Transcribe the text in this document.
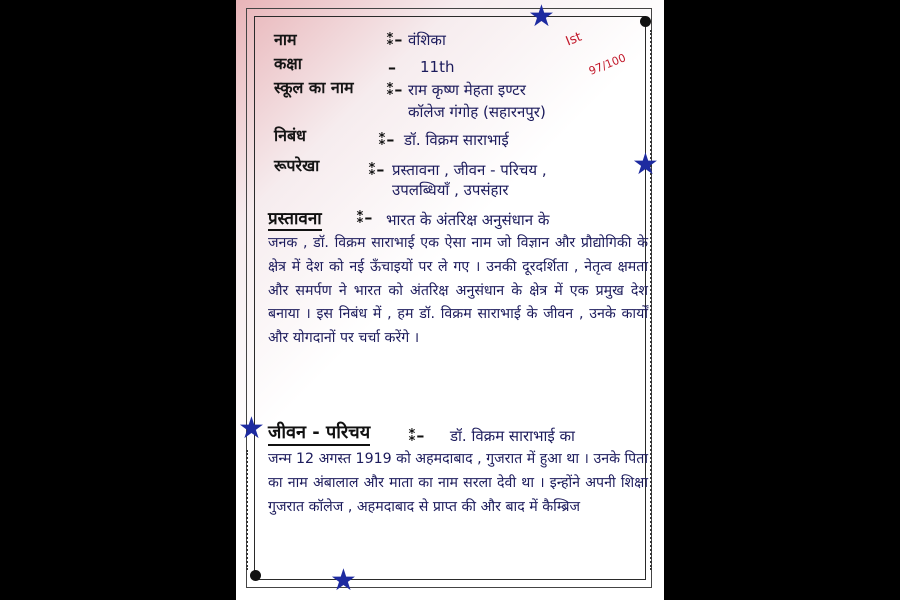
★
★
★
★
Ist
97/100
नाम	⁑– वंशिका
कक्षा	– 11th
स्कूल का नाम ⁑– राम कृष्ण मेहता इण्टर
कॉलेज गंगोह (सहारनपुर)
निबंध	⁑– डॉ. विक्रम साराभाई
रूपरेखा	⁑– प्रस्तावना , जीवन - परिचय ,
उपलब्धियाँ , उपसंहार
प्रस्तावना ⁑– भारत के अंतरिक्ष अनुसंधान के
जनक , डॉ. विक्रम साराभाई एक ऐसा नाम जो विज्ञान और प्रौद्योगिकी के क्षेत्र में देश को नई ऊँचाइयों पर ले गए । उनकी दूरदर्शिता , नेतृत्व क्षमता और समर्पण ने भारत को अंतरिक्ष अनुसंधान के क्षेत्र में एक प्रमुख देश बनाया । इस निबंध में , हम डॉ. विक्रम साराभाई के जीवन , उनके कार्यों और योगदानों पर चर्चा करेंगे ।
जीवन - परिचय ⁑– डॉ. विक्रम साराभाई का
जन्म 12 अगस्त 1919 को अहमदाबाद , गुजरात में हुआ था । उनके पिता का नाम अंबालाल और माता का नाम सरला देवी था । इन्होंने अपनी शिक्षा गुजरात कॉलेज , अहमदाबाद से प्राप्त की और बाद में कैम्ब्रिज
